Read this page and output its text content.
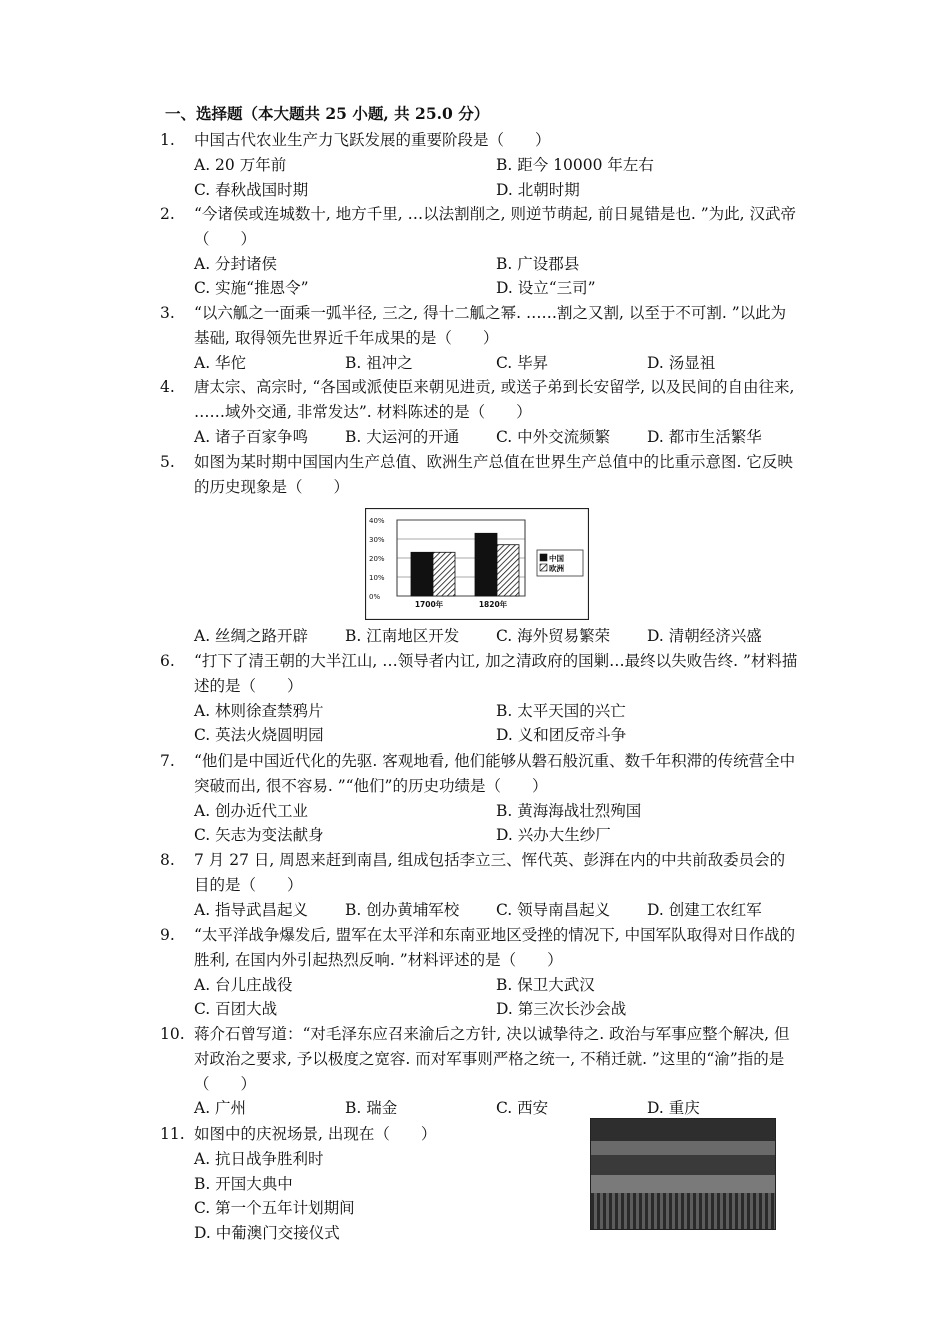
一、选择题（本大题共 25 小题, 共 25.0 分）
1.	中国古代农业生产力飞跃发展的重要阶段是（　　）
A. 20 万年前	B. 距今 10000 年左右
C. 春秋战国时期	D. 北朝时期
2.	“今诸侯或连城数十, 地方千里, …以法割削之, 则逆节萌起, 前日晁错是也. ”为此, 汉武帝（　　）
A. 分封诸侯	B. 广设郡县
C. 实施“推恩令”	D. 设立“三司”
3.	“以六觚之一面乘一弧半径, 三之, 得十二觚之幂. ……割之又割, 以至于不可割. ”以此为基础, 取得领先世界近千年成果的是（　　）
A. 华佗	B. 祖冲之	C. 毕昇	D. 汤显祖
4.	唐太宗、高宗时, “各国或派使臣来朝见进贡, 或送子弟到长安留学, 以及民间的自由往来, ……域外交通, 非常发达”. 材料陈述的是（　　）
A. 诸子百家争鸣	B. 大运河的开通	C. 中外交流频繁	D. 都市生活繁华
5.	如图为某时期中国国内生产总值、欧洲生产总值在世界生产总值中的比重示意图. 它反映的历史现象是（　　）
0%
10%
20%
30%
40%
1700年	1820年
中国
欧洲
A. 丝绸之路开辟	B. 江南地区开发	C. 海外贸易繁荣	D. 清朝经济兴盛
6.	“打下了清王朝的大半江山, …领导者内讧, 加之清政府的国剿…最终以失败告终. ”材料描述的是（　　）
A. 林则徐查禁鸦片	B. 太平天国的兴亡
C. 英法火烧圆明园	D. 义和团反帝斗争
7.	“他们是中国近代化的先驱. 客观地看, 他们能够从磐石般沉重、数千年积滞的传统营全中突破而出, 很不容易. ”“他们”的历史功绩是（　　）
A. 创办近代工业	B. 黄海海战壮烈殉国
C. 矢志为变法献身	D. 兴办大生纱厂
8.	7 月 27 日, 周恩来赶到南昌, 组成包括李立三、恽代英、彭湃在内的中共前敌委员会的目的是（　　）
A. 指导武昌起义	B. 创办黄埔军校	C. 领导南昌起义	D. 创建工农红军
9.	“太平洋战争爆发后, 盟军在太平洋和东南亚地区受挫的情况下, 中国军队取得对日作战的胜利, 在国内外引起热烈反响. ”材料评述的是（　　）
A. 台儿庄战役	B. 保卫大武汉
C. 百团大战	D. 第三次长沙会战
10. 蒋介石曾写道：“对毛泽东应召来渝后之方针, 决以诚挚待之. 政治与军事应整个解决, 但对政治之要求, 予以极度之宽容. 而对军事则严格之统一, 不稍迁就. ”这里的“渝”指的是（　　）
A. 广州	B. 瑞金	C. 西安	D. 重庆
11. 如图中的庆祝场景, 出现在（　　）
A. 抗日战争胜利时
B. 开国大典中
C. 第一个五年计划期间
D. 中葡澳门交接仪式
